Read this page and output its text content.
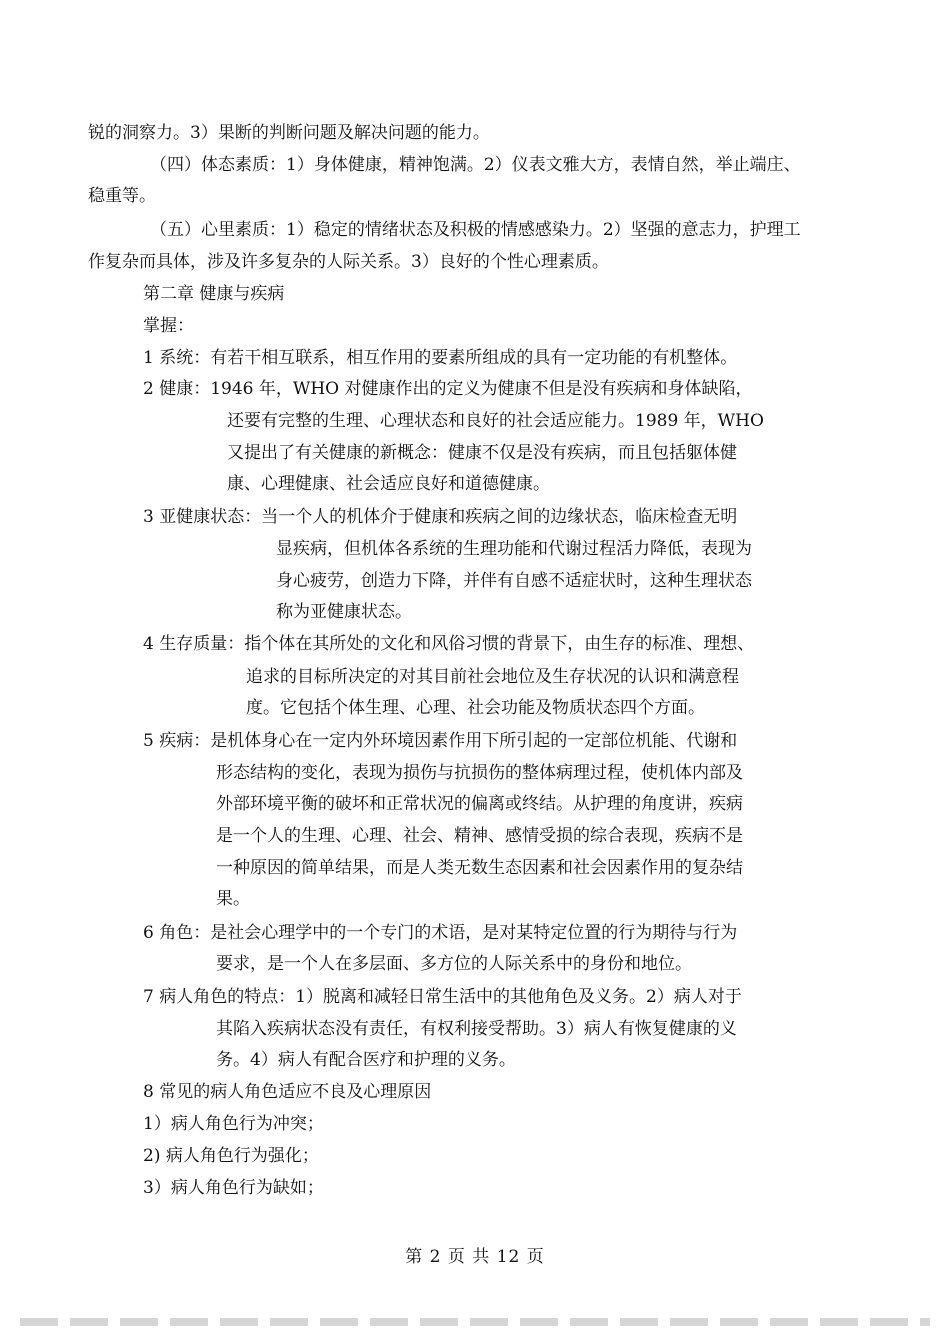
锐的洞察力。3）果断的判断问题及解决问题的能力。
（四）体态素质：1）身体健康，精神饱满。2）仪表文雅大方，表情自然，举止端庄、
稳重等。
（五）心里素质：1）稳定的情绪状态及积极的情感感染力。2）坚强的意志力，护理工
作复杂而具体，涉及许多复杂的人际关系。3）良好的个性心理素质。
第二章 健康与疾病
掌握：
1 系统：有若干相互联系，相互作用的要素所组成的具有一定功能的有机整体。
2 健康：1946 年，WHO 对健康作出的定义为健康不但是没有疾病和身体缺陷，
还要有完整的生理、心理状态和良好的社会适应能力。1989 年，WHO
又提出了有关健康的新概念：健康不仅是没有疾病，而且包括躯体健
康、心理健康、社会适应良好和道德健康。
3 亚健康状态：当一个人的机体介于健康和疾病之间的边缘状态，临床检查无明
显疾病，但机体各系统的生理功能和代谢过程活力降低，表现为
身心疲劳，创造力下降，并伴有自感不适症状时，这种生理状态
称为亚健康状态。
4 生存质量：指个体在其所处的文化和风俗习惯的背景下，由生存的标准、理想、
追求的目标所决定的对其目前社会地位及生存状况的认识和满意程
度。它包括个体生理、心理、社会功能及物质状态四个方面。
5 疾病：是机体身心在一定内外环境因素作用下所引起的一定部位机能、代谢和
形态结构的变化，表现为损伤与抗损伤的整体病理过程，使机体内部及
外部环境平衡的破坏和正常状况的偏离或终结。从护理的角度讲，疾病
是一个人的生理、心理、社会、精神、感情受损的综合表现，疾病不是
一种原因的简单结果，而是人类无数生态因素和社会因素作用的复杂结
果。
6 角色：是社会心理学中的一个专门的术语，是对某特定位置的行为期待与行为
要求，是一个人在多层面、多方位的人际关系中的身份和地位。
7 病人角色的特点：1）脱离和减轻日常生活中的其他角色及义务。2）病人对于
其陷入疾病状态没有责任，有权利接受帮助。3）病人有恢复健康的义
务。4）病人有配合医疗和护理的义务。
8 常见的病人角色适应不良及心理原因
1）病人角色行为冲突；
2) 病人角色行为强化；
3）病人角色行为缺如；
第 2 页 共 12 页
